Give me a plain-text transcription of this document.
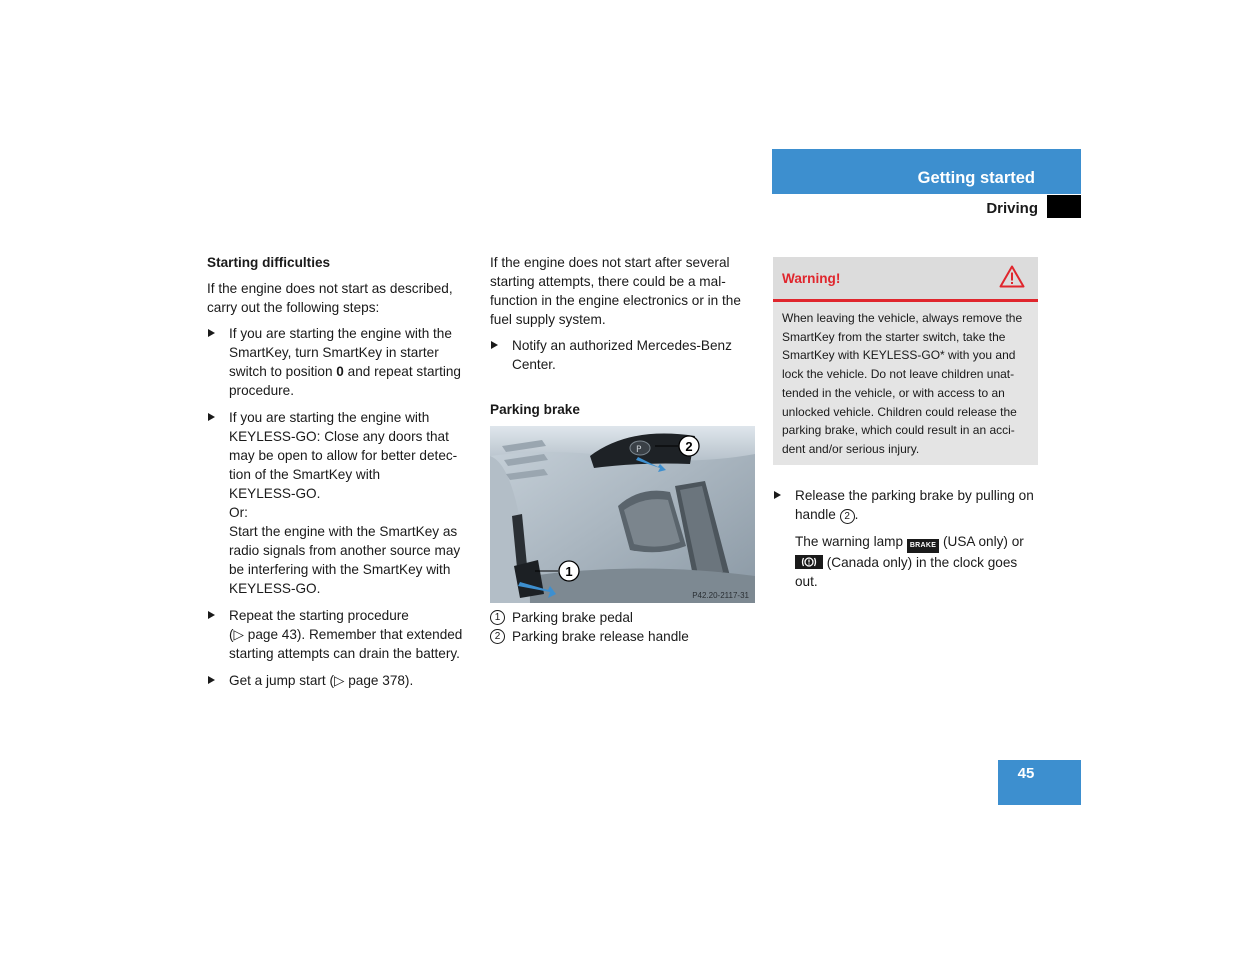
Getting started
Driving
Starting difficulties

If the engine does not start as described, carry out the following steps:

If you are starting the engine with the
SmartKey, turn SmartKey in starter
switch to position 0 and repeat starting
procedure.
If you are starting the engine with
KEYLESS-GO: Close any doors that
may be open to allow for better detec-
tion of the SmartKey with
KEYLESS-GO.
Or:
Start the engine with the SmartKey as
radio signals from another source may
be interfering with the SmartKey with
KEYLESS-GO.
Repeat the starting procedure
(▷ page 43). Remember that extended
starting attempts can drain the battery.
Get a jump start (▷ page 378).

If the engine does not start after several
starting attempts, there could be a mal-
function in the engine electronics or in the
fuel supply system.

Notify an authorized Mercedes-Benz
Center.
Parking brake
P	2
1
P42.20-2117-31
1 Parking brake pedal
2 Parking brake release handle
Warning!
When leaving the vehicle, always remove the
SmartKey from the starter switch, take the
SmartKey with KEYLESS-GO* with you and
lock the vehicle. Do not leave children unat-
tended in the vehicle, or with access to an
unlocked vehicle. Children could release the
parking brake, which could result in an acci-
dent and/or serious injury.
Release the parking brake by pulling on
handle 2 .
The warning lamp BRAKE (USA only) or
(Canada only) in the clock goes
out.
45
